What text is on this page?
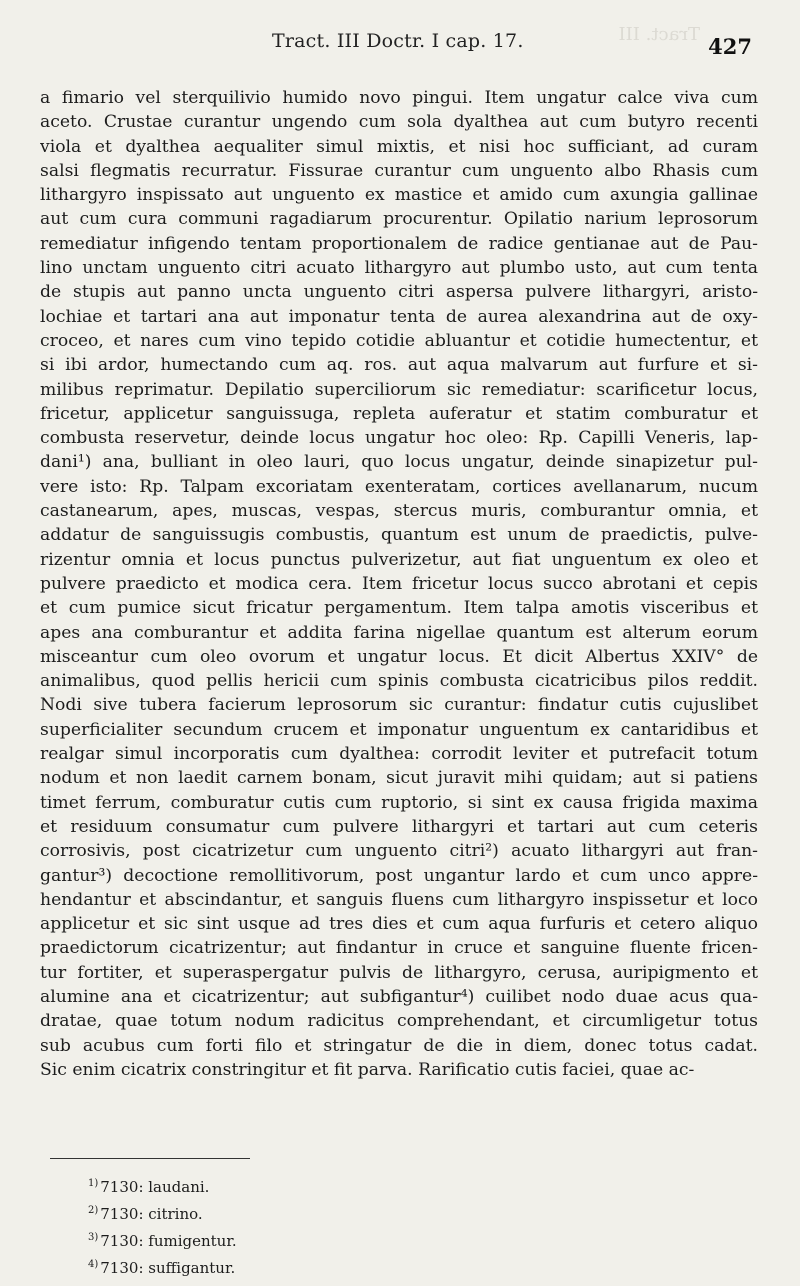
Tract. III
Tract. III Doctr. I cap. 17.	427
a fimario vel sterquilivio humido novo pingui. Item ungatur calce viva cum
aceto. Crustae curantur ungendo cum sola dyalthea aut cum butyro recenti
viola et dyalthea aequaliter simul mixtis, et nisi hoc sufficiant, ad curam
salsi flegmatis recurratur. Fissurae curantur cum unguento albo Rhasis cum
lithargyro inspissato aut unguento ex mastice et amido cum axungia gallinae
aut cum cura communi ragadiarum procurentur. Opilatio narium leprosorum
remediatur infigendo tentam proportionalem de radice gentianae aut de Pau-
lino unctam unguento citri acuato lithargyro aut plumbo usto, aut cum tenta
de stupis aut panno uncta unguento citri aspersa pulvere lithargyri, aristo-
lochiae et tartari ana aut imponatur tenta de aurea alexandrina aut de oxy-
croceo, et nares cum vino tepido cotidie abluantur et cotidie humectentur, et
si ibi ardor, humectando cum aq. ros. aut aqua malvarum aut furfure et si-
milibus reprimatur. Depilatio superciliorum sic remediatur: scarificetur locus,
fricetur, applicetur sanguissuga, repleta auferatur et statim comburatur et
combusta reservetur, deinde locus ungatur hoc oleo: Rp. Capilli Veneris, lap-
dani¹) ana, bulliant in oleo lauri, quo locus ungatur, deinde sinapizetur pul-
vere isto: Rp. Talpam excoriatam exenteratam, cortices avellanarum, nucum
castanearum, apes, muscas, vespas, stercus muris, comburantur omnia, et
addatur de sanguissugis combustis, quantum est unum de praedictis, pulve-
rizentur omnia et locus punctus pulverizetur, aut fiat unguentum ex oleo et
pulvere praedicto et modica cera. Item fricetur locus succo abrotani et cepis
et cum pumice sicut fricatur pergamentum. Item talpa amotis visceribus et
apes ana comburantur et addita farina nigellae quantum est alterum eorum
misceantur cum oleo ovorum et ungatur locus. Et dicit Albertus XXIV° de
animalibus, quod pellis hericii cum spinis combusta cicatricibus pilos reddit.
Nodi sive tubera facierum leprosorum sic curantur: findatur cutis cujuslibet
superficialiter secundum crucem et imponatur unguentum ex cantaridibus et
realgar simul incorporatis cum dyalthea: corrodit leviter et putrefacit totum
nodum et non laedit carnem bonam, sicut juravit mihi quidam; aut si patiens
timet ferrum, comburatur cutis cum ruptorio, si sint ex causa frigida maxima
et residuum consumatur cum pulvere lithargyri et tartari aut cum ceteris
corrosivis, post cicatrizetur cum unguento citri²) acuato lithargyri aut fran-
gantur³) decoctione remollitivorum, post ungantur lardo et cum unco appre-
hendantur et abscindantur, et sanguis fluens cum lithargyro inspissetur et loco
applicetur et sic sint usque ad tres dies et cum aqua furfuris et cetero aliquo
praedictorum cicatrizentur; aut findantur in cruce et sanguine fluente fricen-
tur fortiter, et superaspergatur pulvis de lithargyro, cerusa, auripigmento et
alumine ana et cicatrizentur; aut subfigantur⁴) cuilibet nodo duae acus qua-
dratae, quae totum nodum radicitus comprehendant, et circumligetur totus
sub acubus cum forti filo et stringatur de die in diem, donec totus cadat.
Sic enim cicatrix constringitur et fit parva. Rarificatio cutis faciei, quae ac-
$^{1)}$ 7130: laudani.
$^{2)}$ 7130: citrino.
$^{3)}$ 7130: fumigentur.
$^{4)}$ 7130: suffigantur.
